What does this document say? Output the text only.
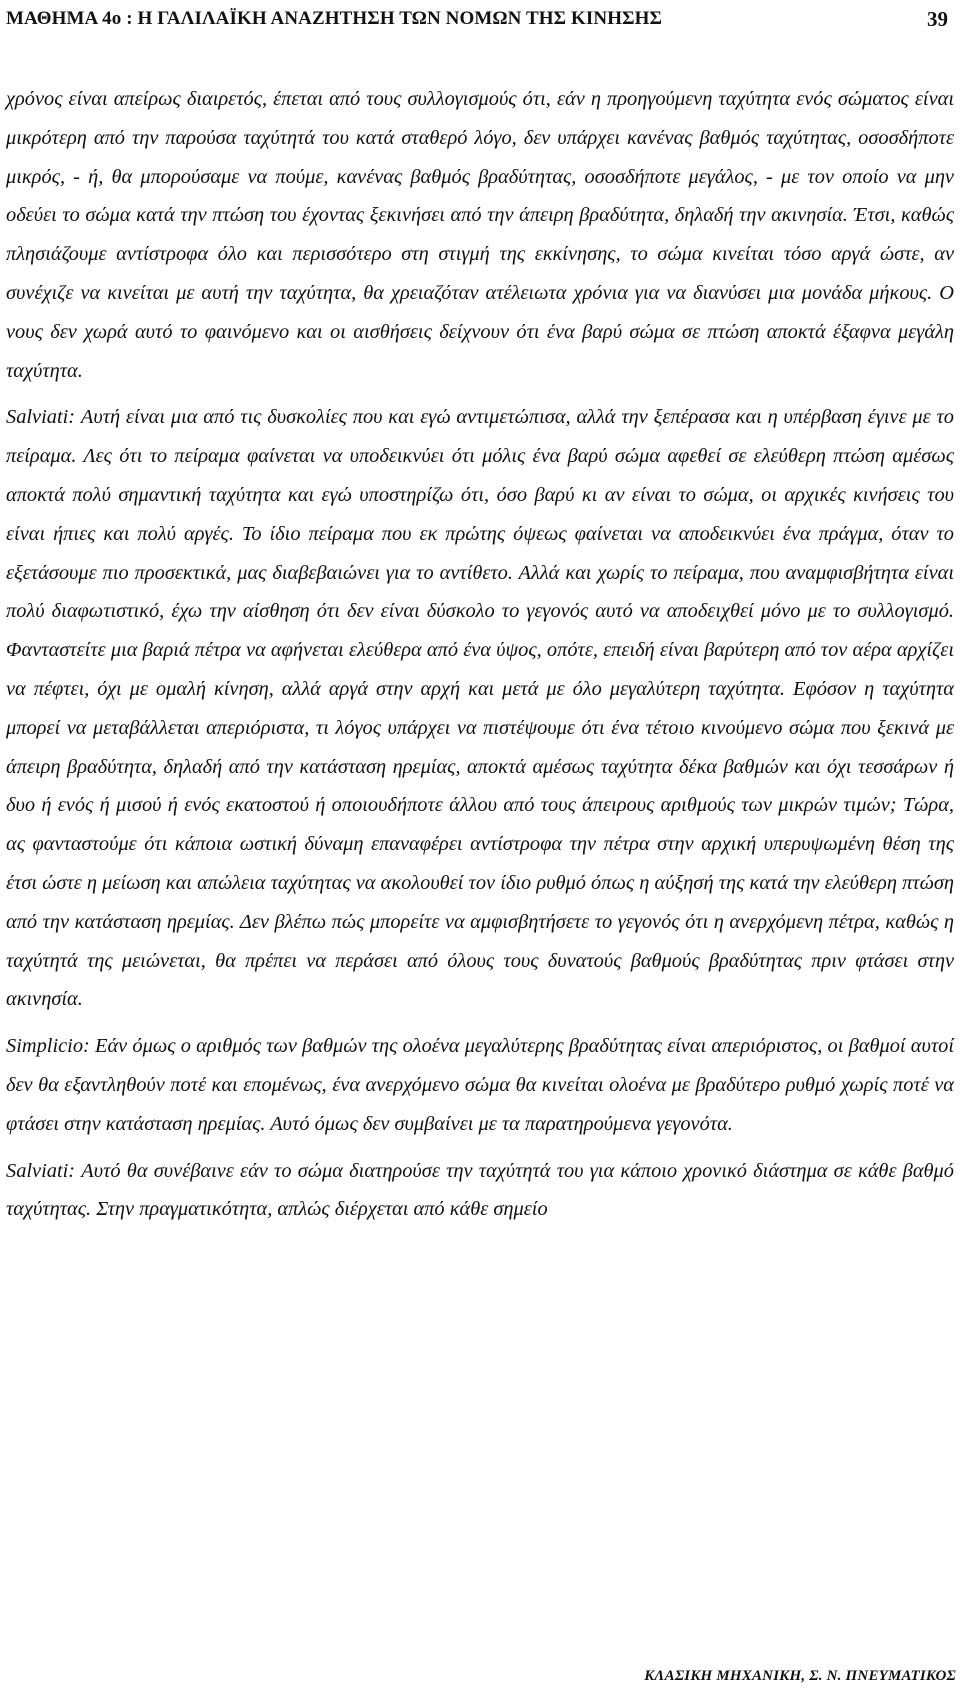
ΜΑΘΗΜΑ 4ο : Η ΓΑΛΙΛΑΪΚΗ ΑΝΑΖΗΤΗΣΗ ΤΩΝ ΝΟΜΩΝ ΤΗΣ ΚΙΝΗΣΗΣ	39

χρόνος είναι απείρως διαιρετός, έπεται από τους συλλογισμούς ότι, εάν η προηγούμενη ταχύτητα ενός σώματος είναι μικρότερη από την παρούσα ταχύτητά του κατά σταθερό λόγο, δεν υπάρχει κανένας βαθμός ταχύτητας, οσοσδήποτε μικρός, - ή, θα μπορούσαμε να πούμε, κανένας βαθμός βραδύτητας, οσοσδήποτε μεγάλος, - με τον οποίο να μην οδεύει το σώμα κατά την πτώση του έχοντας ξεκινήσει από την άπειρη βραδύτητα, δηλαδή την ακινησία. Έτσι, καθώς πλησιάζουμε αντίστροφα όλο και περισσότερο στη στιγμή της εκκίνησης, το σώμα κινείται τόσο αργά ώστε, αν συνέχιζε να κινείται με αυτή την ταχύτητα, θα χρειαζόταν ατέλειωτα χρόνια για να διανύσει μια μονάδα μήκους. Ο νους δεν χωρά αυτό το φαινόμενο και οι αισθήσεις δείχνουν ότι ένα βαρύ σώμα σε πτώση αποκτά έξαφνα μεγάλη ταχύτητα.

Salviati: Αυτή είναι μια από τις δυσκολίες που και εγώ αντιμετώπισα, αλλά την ξεπέρασα και η υπέρβαση έγινε με το πείραμα. Λες ότι το πείραμα φαίνεται να υποδεικνύει ότι μόλις ένα βαρύ σώμα αφεθεί σε ελεύθερη πτώση αμέσως αποκτά πολύ σημαντική ταχύτητα και εγώ υποστηρίζω ότι, όσο βαρύ κι αν είναι το σώμα, οι αρχικές κινήσεις του είναι ήπιες και πολύ αργές. Το ίδιο πείραμα που εκ πρώτης όψεως φαίνεται να αποδεικνύει ένα πράγμα, όταν το εξετάσουμε πιο προσεκτικά, μας διαβεβαιώνει για το αντίθετο. Αλλά και χωρίς το πείραμα, που αναμφισβήτητα είναι πολύ διαφωτιστικό, έχω την αίσθηση ότι δεν είναι δύσκολο το γεγονός αυτό να αποδειχθεί μόνο με το συλλογισμό. Φανταστείτε μια βαριά πέτρα να αφήνεται ελεύθερα από ένα ύψος, οπότε, επειδή είναι βαρύτερη από τον αέρα αρχίζει να πέφτει, όχι με ομαλή κίνηση, αλλά αργά στην αρχή και μετά με όλο μεγαλύτερη ταχύτητα. Εφόσον η ταχύτητα μπορεί να μεταβάλλεται απεριόριστα, τι λόγος υπάρχει να πιστέψουμε ότι ένα τέτοιο κινούμενο σώμα που ξεκινά με άπειρη βραδύτητα, δηλαδή από την κατάσταση ηρεμίας, αποκτά αμέσως ταχύτητα δέκα βαθμών και όχι τεσσάρων ή δυο ή ενός ή μισού ή ενός εκατοστού ή οποιουδήποτε άλλου από τους άπειρους αριθμούς των μικρών τιμών; Τώρα, ας φανταστούμε ότι κάποια ωστική δύναμη επαναφέρει αντίστροφα την πέτρα στην αρχική υπερυψωμένη θέση της έτσι ώστε η μείωση και απώλεια ταχύτητας να ακολουθεί τον ίδιο ρυθμό όπως η αύξησή της κατά την ελεύθερη πτώση από την κατάσταση ηρεμίας. Δεν βλέπω πώς μπορείτε να αμφισβητήσετε το γεγονός ότι η ανερχόμενη πέτρα, καθώς η ταχύτητά της μειώνεται, θα πρέπει να περάσει από όλους τους δυνατούς βαθμούς βραδύτητας πριν φτάσει στην ακινησία.

Simplicio: Εάν όμως ο αριθμός των βαθμών της ολοένα μεγαλύτερης βραδύτητας είναι απεριόριστος, οι βαθμοί αυτοί δεν θα εξαντληθούν ποτέ και επομένως, ένα ανερχόμενο σώμα θα κινείται ολοένα με βραδύτερο ρυθμό χωρίς ποτέ να φτάσει στην κατάσταση ηρεμίας. Αυτό όμως δεν συμβαίνει με τα παρατηρούμενα γεγονότα.

Salviati: Αυτό θα συνέβαινε εάν το σώμα διατηρούσε την ταχύτητά του για κάποιο χρονικό διάστημα σε κάθε βαθμό ταχύτητας. Στην πραγματικότητα, απλώς διέρχεται από κάθε σημείο

ΚΛΑΣΙΚΗ ΜΗΧΑΝΙΚΗ, Σ. Ν. ΠΝΕΥΜΑΤΙΚΟΣ
